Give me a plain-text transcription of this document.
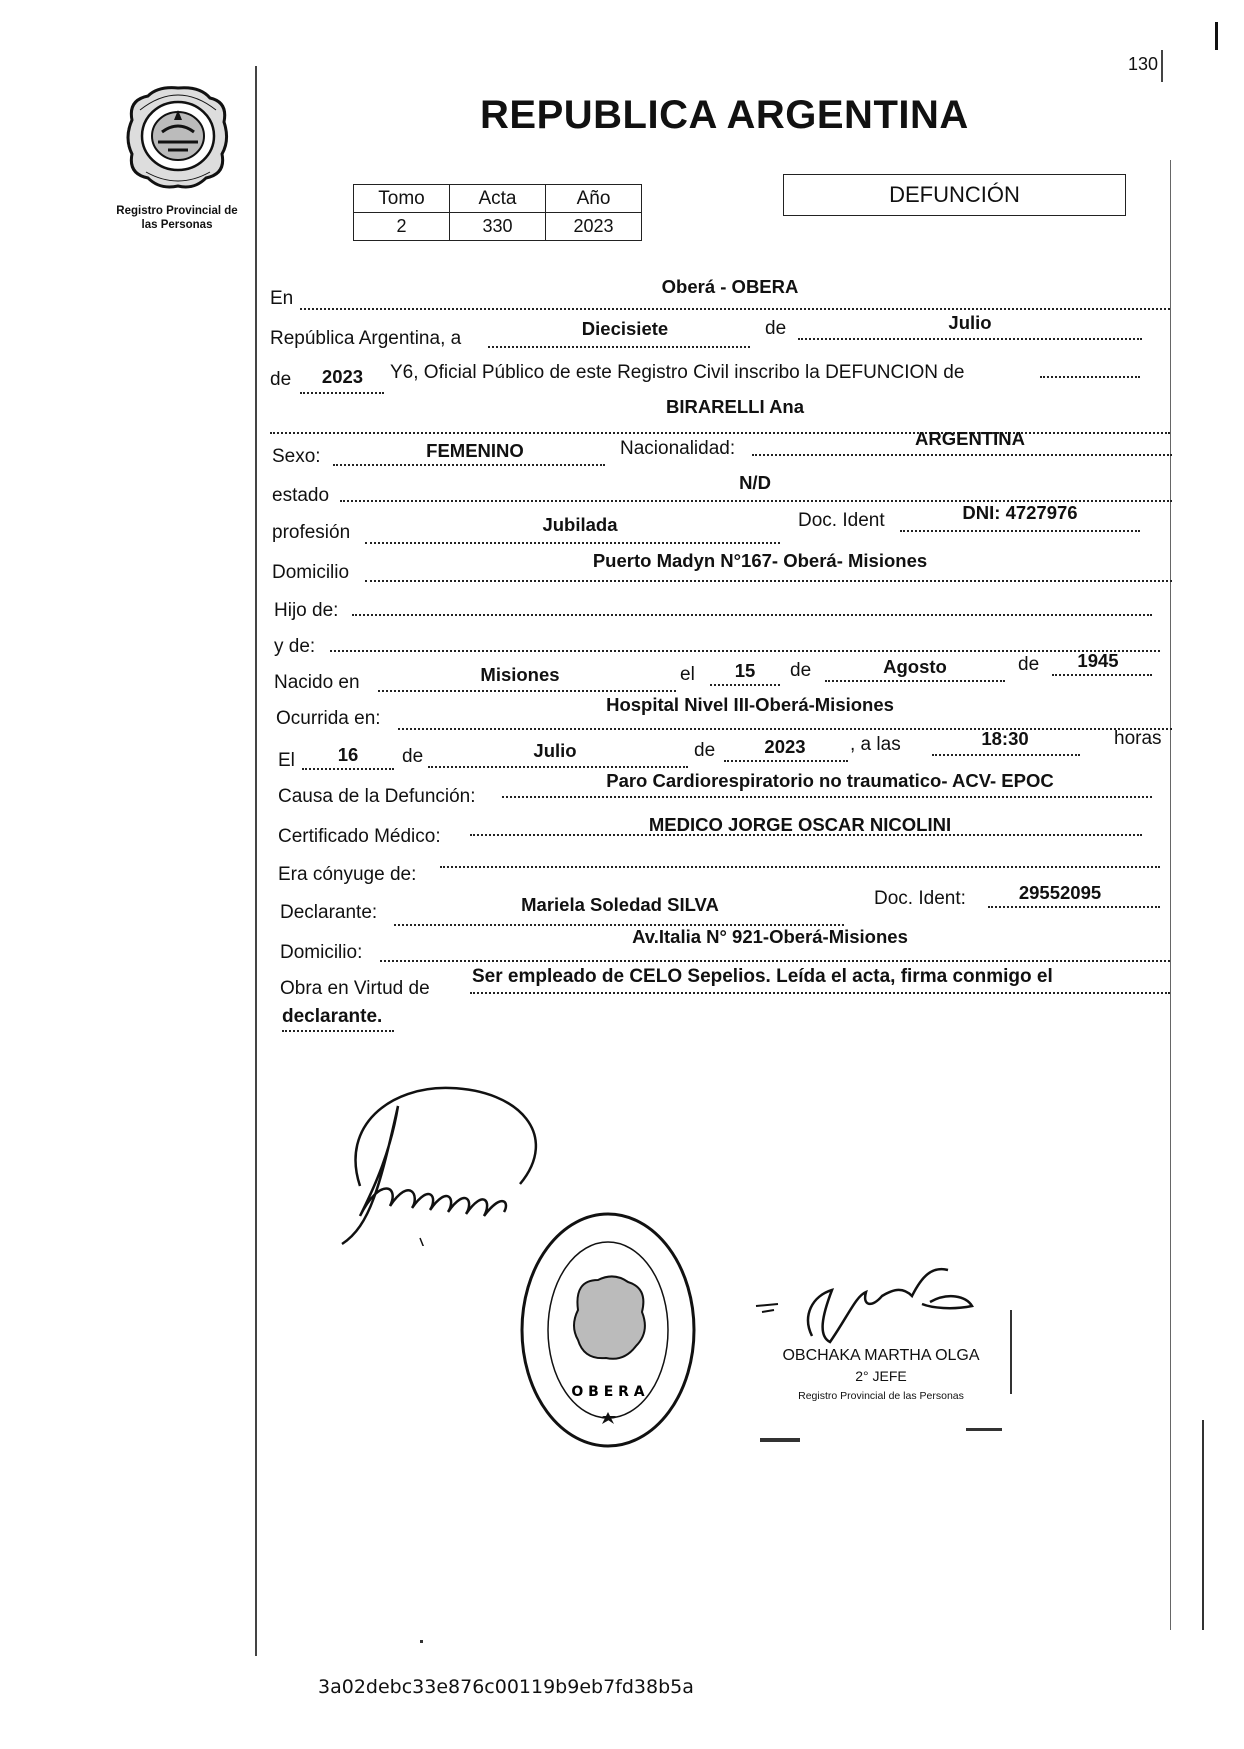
130
Registro Provincial de
las Personas
REPUBLICA ARGENTINA
Tomo	Acta	Año
2	330	2023
DEFUNCIÓN
En
Oberá - OBERA
República Argentina, a	Diecisiete	de	Julio
de	2023	Y6, Oficial Público de este Registro Civil inscribo la DEFUNCION de
BIRARELLI Ana
Sexo:	FEMENINO	Nacionalidad:	ARGENTINA
estado
N/D
profesión	Jubilada	Doc. Ident	DNI: 4727976
Domicilio
Puerto Madyn N°167- Oberá- Misiones
Hijo de:
y de:
Nacido en	Misiones	el	15	de	Agosto	de	1945
Ocurrida en:
Hospital Nivel III-Oberá-Misiones
El	16	de	Julio	de	2023	, a las	18:30	horas
Causa de la Defunción:
Paro Cardiorespiratorio no traumatico- ACV- EPOC
Certificado Médico:
MEDICO JORGE OSCAR NICOLINI
Era cónyuge de:
Declarante:	Mariela Soledad SILVA	Doc. Ident:	29552095
Domicilio:
Av.Italia N° 921-Oberá-Misiones
Obra en Virtud de
Ser empleado de CELO Sepelios. Leída el acta, firma conmigo el
declarante.
O B E R A
OBCHAKA MARTHA OLGA
2° JEFE
Registro Provincial de las Personas
3a02debc33e876c00119b9eb7fd38b5a
